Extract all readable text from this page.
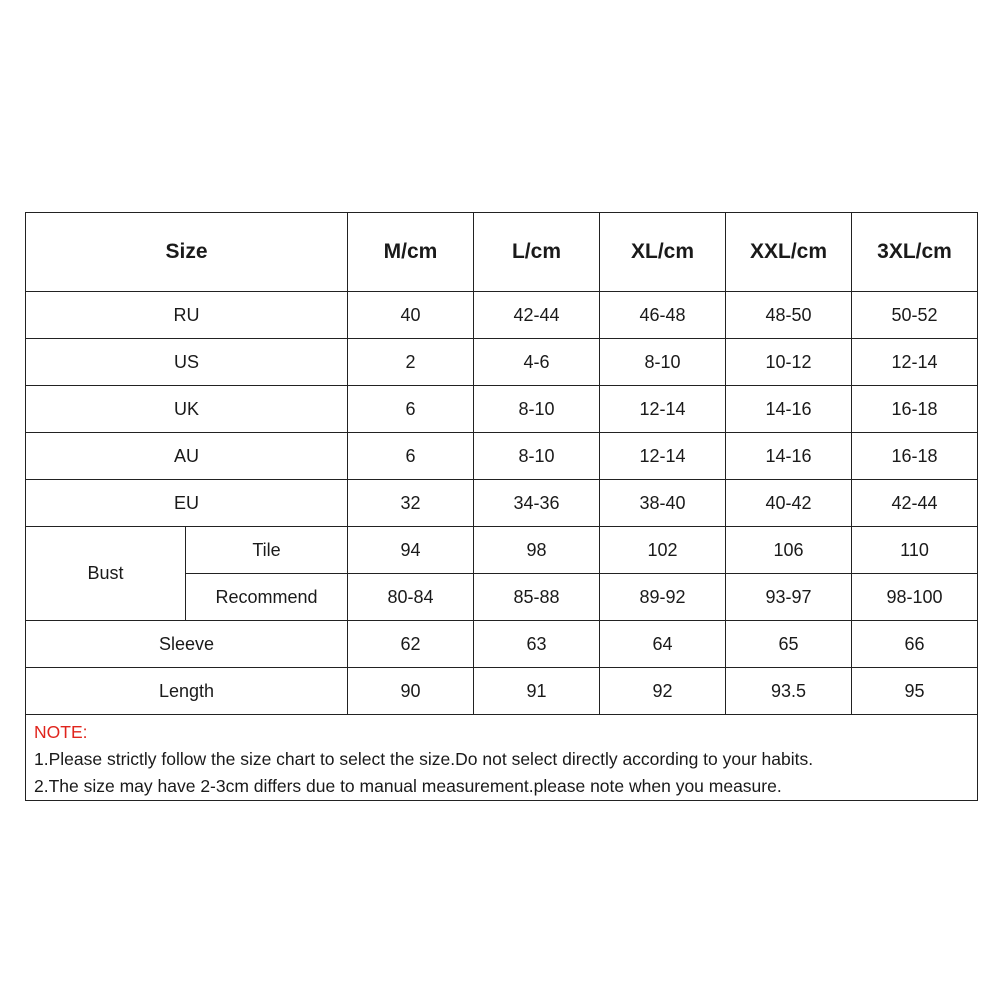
Size		M/cm	L/cm	XL/cm	XXL/cm	3XL/cm
RU		40	42-44	46-48	48-50	50-52
US		2	4-6	8-10	10-12	12-14
UK		6	8-10	12-14	14-16	16-18
AU		6	8-10	12-14	14-16	16-18
EU		32	34-36	38-40	40-42	42-44
Bust	Tile	94	98	102	106	110
	Recommend	80-84	85-88	89-92	93-97	98-100
Sleeve		62	63	64	65	66
Length		90	91	92	93.5	95

NOTE:
1.Please strictly follow the size chart to select the size.Do not select directly according to your habits.
2.The size may have 2-3cm differs due to manual measurement.please note when you measure.						
